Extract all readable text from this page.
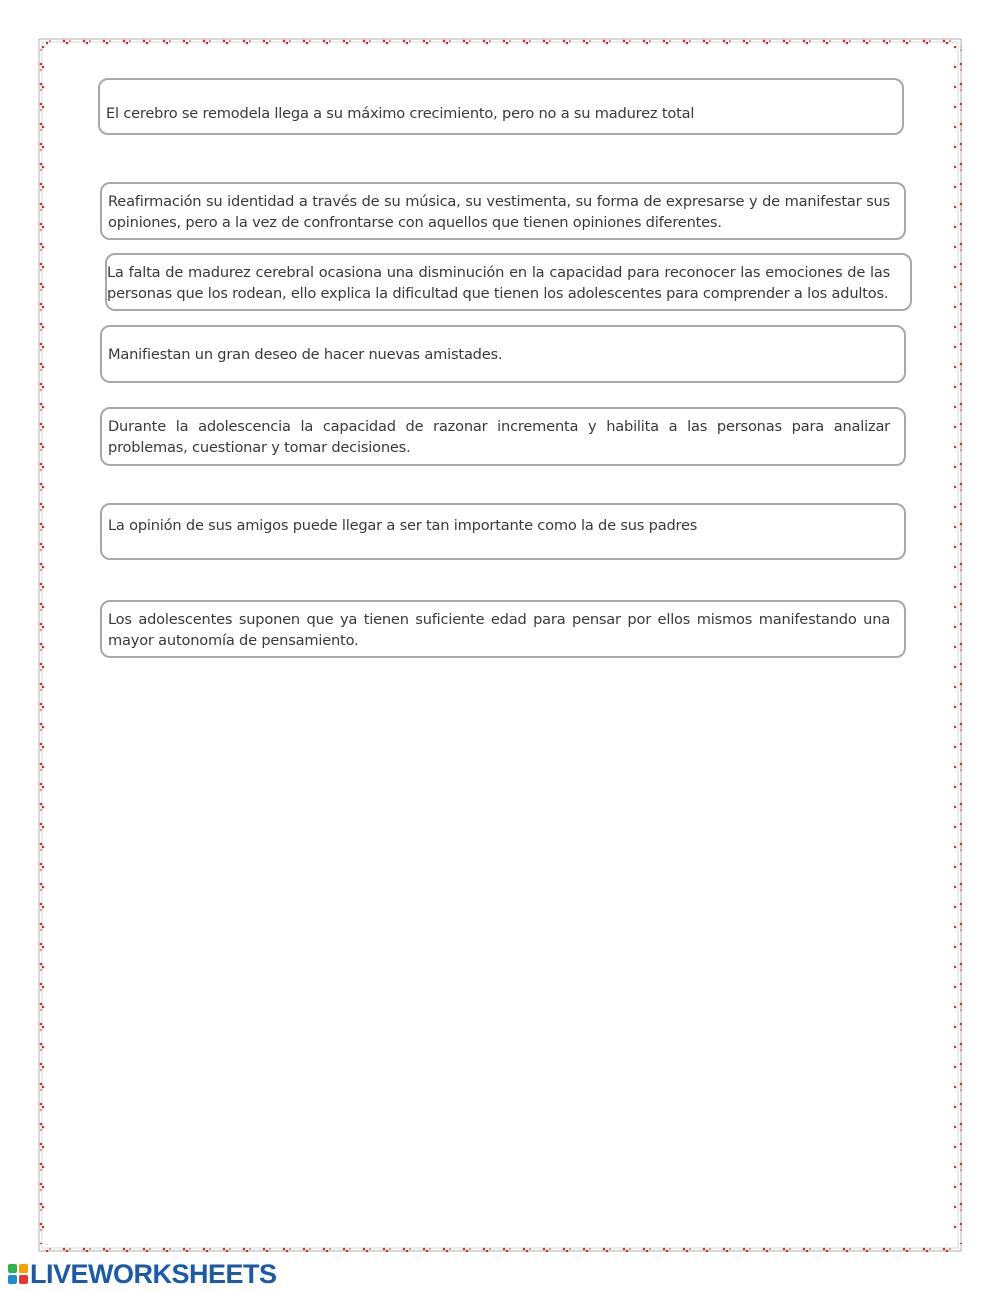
El cerebro se remodela llega a su máximo crecimiento, pero no a su madurez total
Reafirmación su identidad a través de su música, su vestimenta, su forma de expresarse y de manifestar sus opiniones, pero a la vez de confrontarse con aquellos que tienen opiniones diferentes.
La falta de madurez cerebral ocasiona una disminución en la capacidad para reconocer las emociones de las personas que los rodean, ello explica la dificultad que tienen los adolescentes para comprender a los adultos.
Manifiestan un gran deseo de hacer nuevas amistades.
Durante la adolescencia la capacidad de razonar incrementa y habilita a las personas para analizar problemas, cuestionar y tomar decisiones.
La opinión de sus amigos puede llegar a ser tan importante como la de sus padres
Los adolescentes suponen que ya tienen suficiente edad para pensar por ellos mismos manifestando una mayor autonomía de pensamiento.
LIVEWORKSHEETS
